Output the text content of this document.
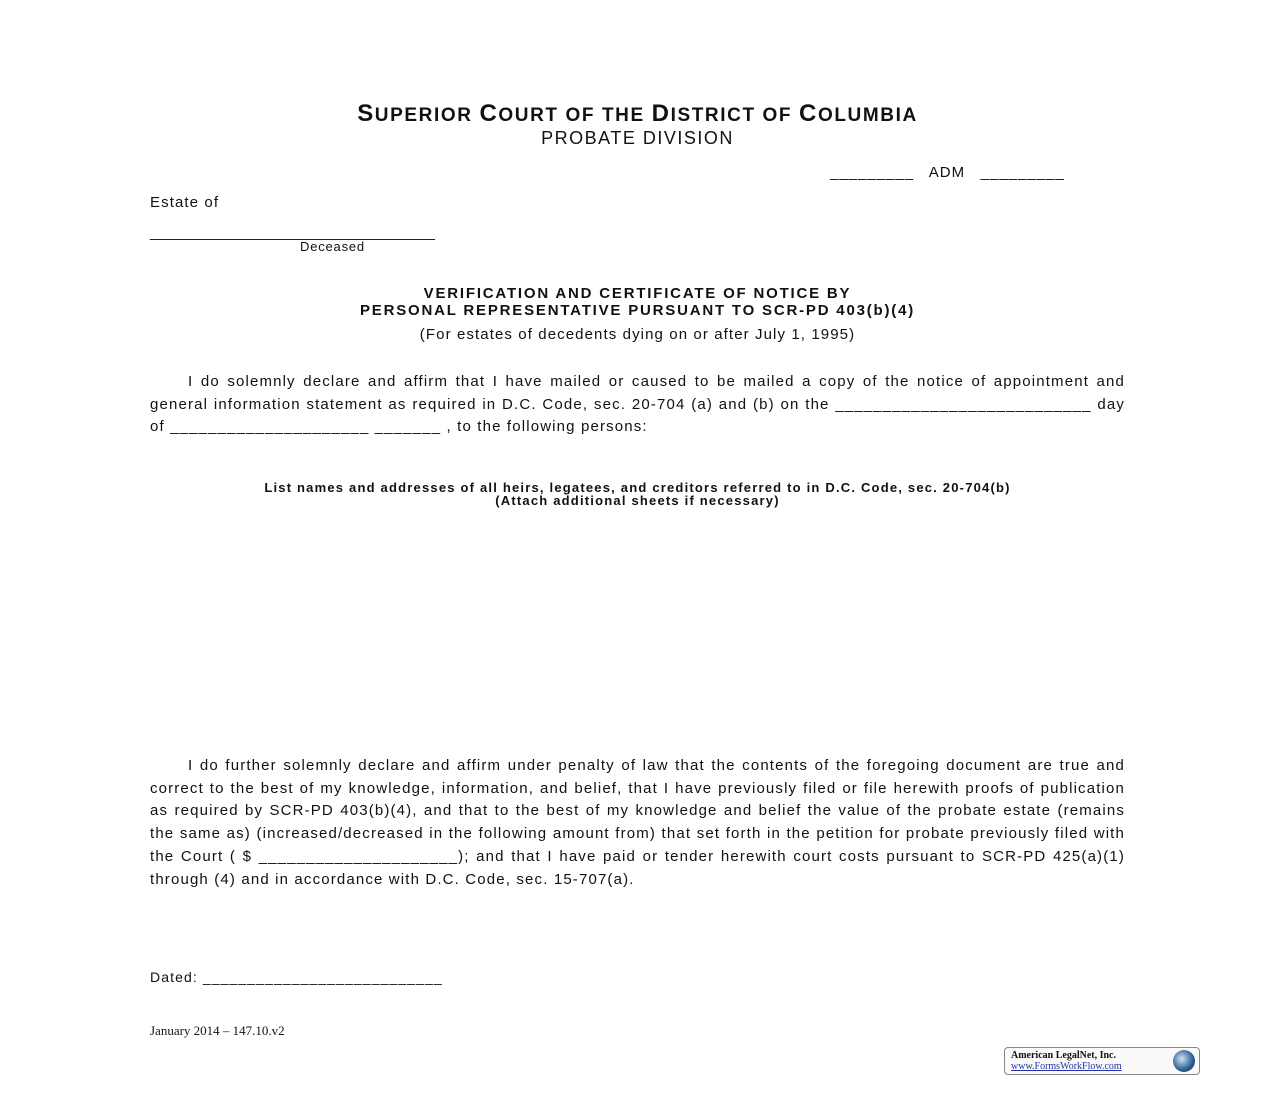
SUPERIOR COURT OF THE DISTRICT OF COLUMBIA
PROBATE DIVISION
_________ ADM _________
Estate of
_________________________________
Deceased
VERIFICATION AND CERTIFICATE OF NOTICE BY
PERSONAL REPRESENTATIVE PURSUANT TO SCR-PD 403(b)(4)
(For estates of decedents dying on or after July 1, 1995)

I do solemnly declare and affirm that I have mailed or caused to be mailed a copy of the notice of appointment and general information statement as required in D.C. Code, sec. 20-704 (a) and (b) on the ___________________________ day of _____________________ _______ , to the following persons:

List names and addresses of all heirs, legatees, and creditors referred to in D.C. Code, sec. 20-704(b)
(Attach additional sheets if necessary)

I do further solemnly declare and affirm under penalty of law that the contents of the foregoing document are true and correct to the best of my knowledge, information, and belief, that I have previously filed or file herewith proofs of publication as required by SCR-PD 403(b)(4), and that to the best of my knowledge and belief the value of the probate estate (remains the same as) (increased/decreased in the following amount from) that set forth in the petition for probate previously filed with the Court ( $ _____________________); and that I have paid or tender herewith court costs pursuant to SCR-PD 425(a)(1) through (4) and in accordance with D.C. Code, sec. 15-707(a).

Dated: ___________________________
January 2014 – 147.10.v2
American LegalNet, Inc.
www.FormsWorkFlow.com
